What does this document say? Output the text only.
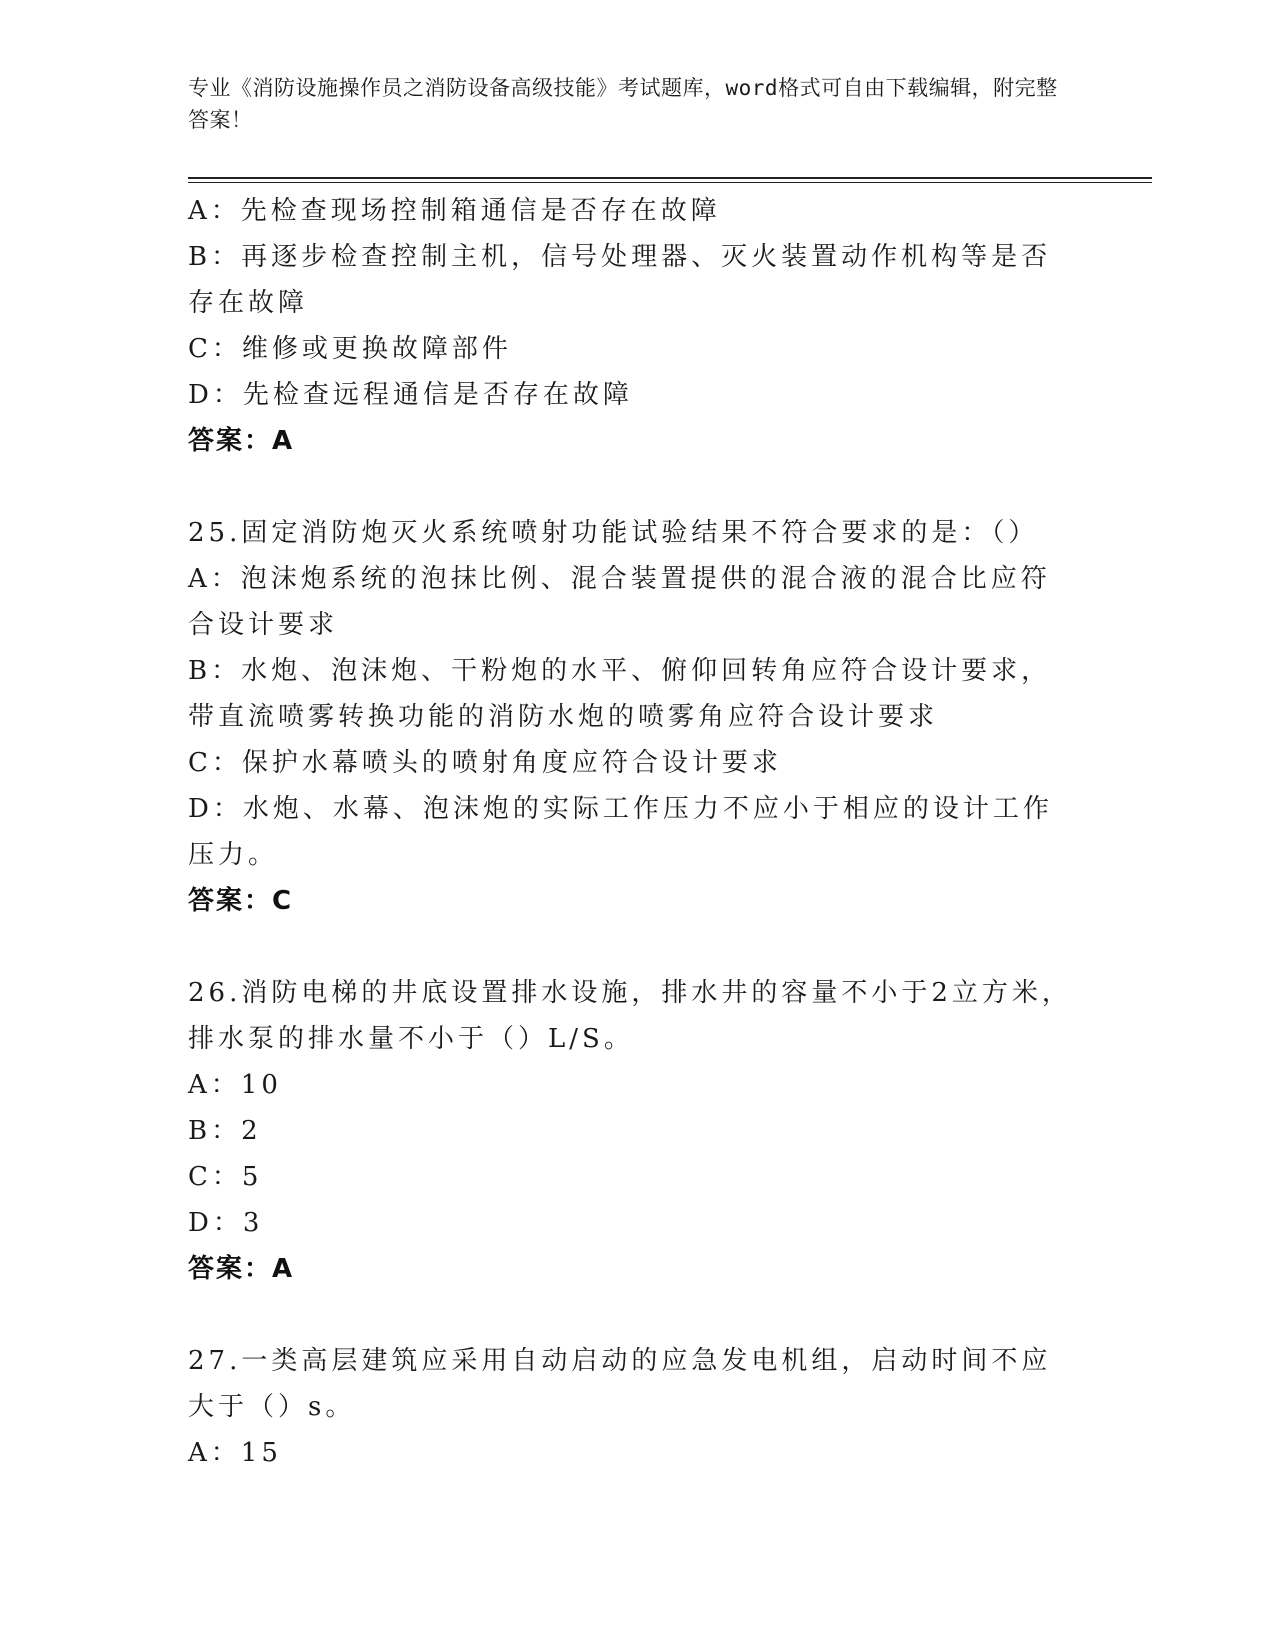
专业《消防设施操作员之消防设备高级技能》考试题库，word格式可自由下载编辑，附完整答案！
A：先检查现场控制箱通信是否存在故障
B：再逐步检查控制主机，信号处理器、灭火装置动作机构等是否存在故障
C：维修或更换故障部件
D：先检查远程通信是否存在故障
答案：A
25.固定消防炮灭火系统喷射功能试验结果不符合要求的是：（）
A：泡沫炮系统的泡抹比例、混合装置提供的混合液的混合比应符合设计要求
B：水炮、泡沫炮、干粉炮的水平、俯仰回转角应符合设计要求，带直流喷雾转换功能的消防水炮的喷雾角应符合设计要求
C：保护水幕喷头的喷射角度应符合设计要求
D：水炮、水幕、泡沫炮的实际工作压力不应小于相应的设计工作压力。
答案：C
26.消防电梯的井底设置排水设施，排水井的容量不小于2立方米，排水泵的排水量不小于（）L/S。
A：10
B：2
C：5
D：3
答案：A
27.一类高层建筑应采用自动启动的应急发电机组，启动时间不应大于（）s。
A：15
